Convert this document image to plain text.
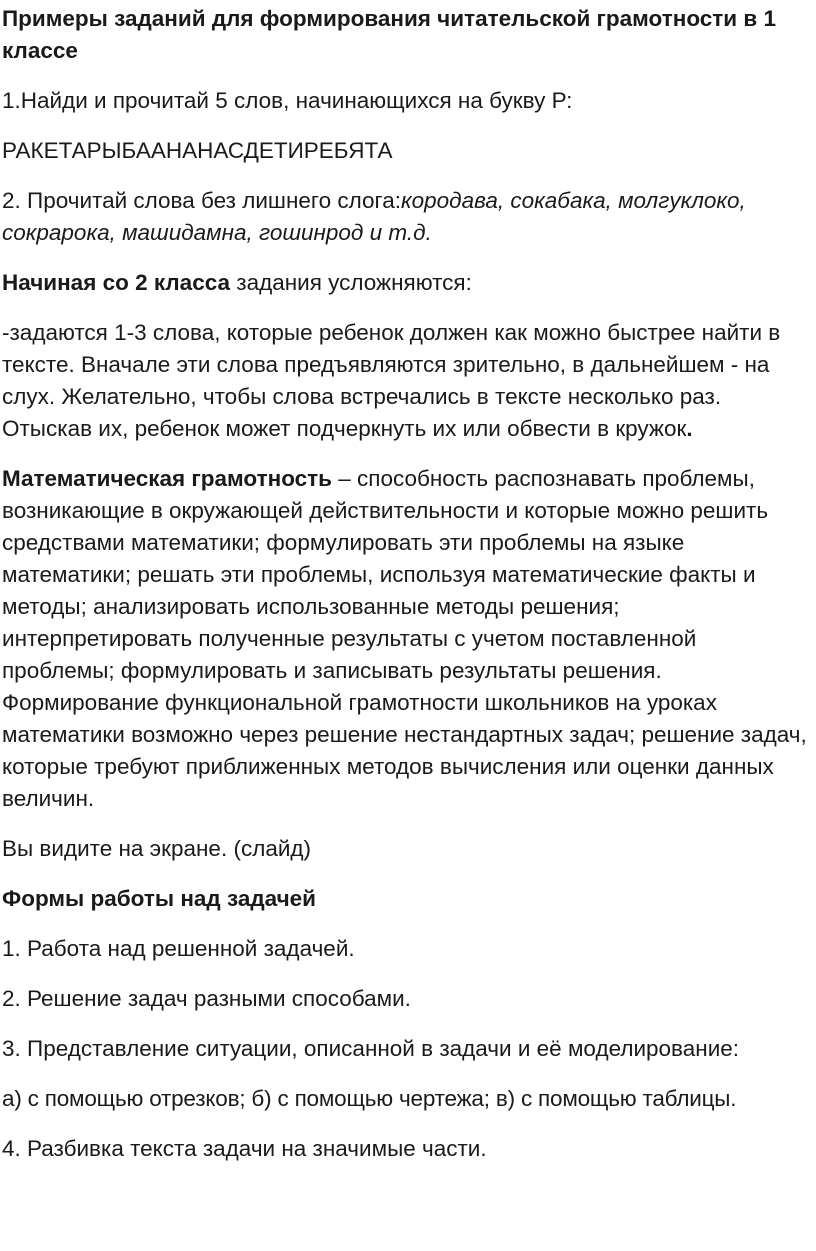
Примеры заданий для формирования читательской грамотности в 1 классе

1.Найди и прочитай 5 слов, начинающихся на букву Р:

РАКЕТАРЫБААНАНАСДЕТИРЕБЯТА

2. Прочитай слова без лишнего слога:кородава, сокабака, молгуклоко, сокрарока, машидамна, гошинрод и т.д.

Начиная со 2 класса задания усложняются:

-задаются 1-3 слова, которые ребенок должен как можно быстрее найти в тексте. Вначале эти слова предъявляются зрительно, в дальнейшем - на слух. Желательно, чтобы слова встречались в тексте несколько раз. Отыскав их, ребенок может подчеркнуть их или обвести в кружок.

Математическая грамотность – способность распознавать проблемы, возникающие в окружающей действительности и которые можно решить средствами математики; формулировать эти проблемы на языке математики; решать эти проблемы, используя математические факты и методы; анализировать использованные методы решения; интерпретировать полученные результаты с учетом поставленной проблемы; формулировать и записывать результаты решения.

Формирование функциональной грамотности школьников на уроках математики возможно через решение нестандартных задач; решение задач, которые требуют приближенных методов вычисления или оценки данных величин.

Вы видите на экране. (слайд)

Формы работы над задачей

1. Работа над решенной задачей.

2. Решение задач разными способами.

3. Представление ситуации, описанной в задачи и её моделирование:

а) с помощью отрезков; б) с помощью чертежа; в) с помощью таблицы.

4. Разбивка текста задачи на значимые части.
